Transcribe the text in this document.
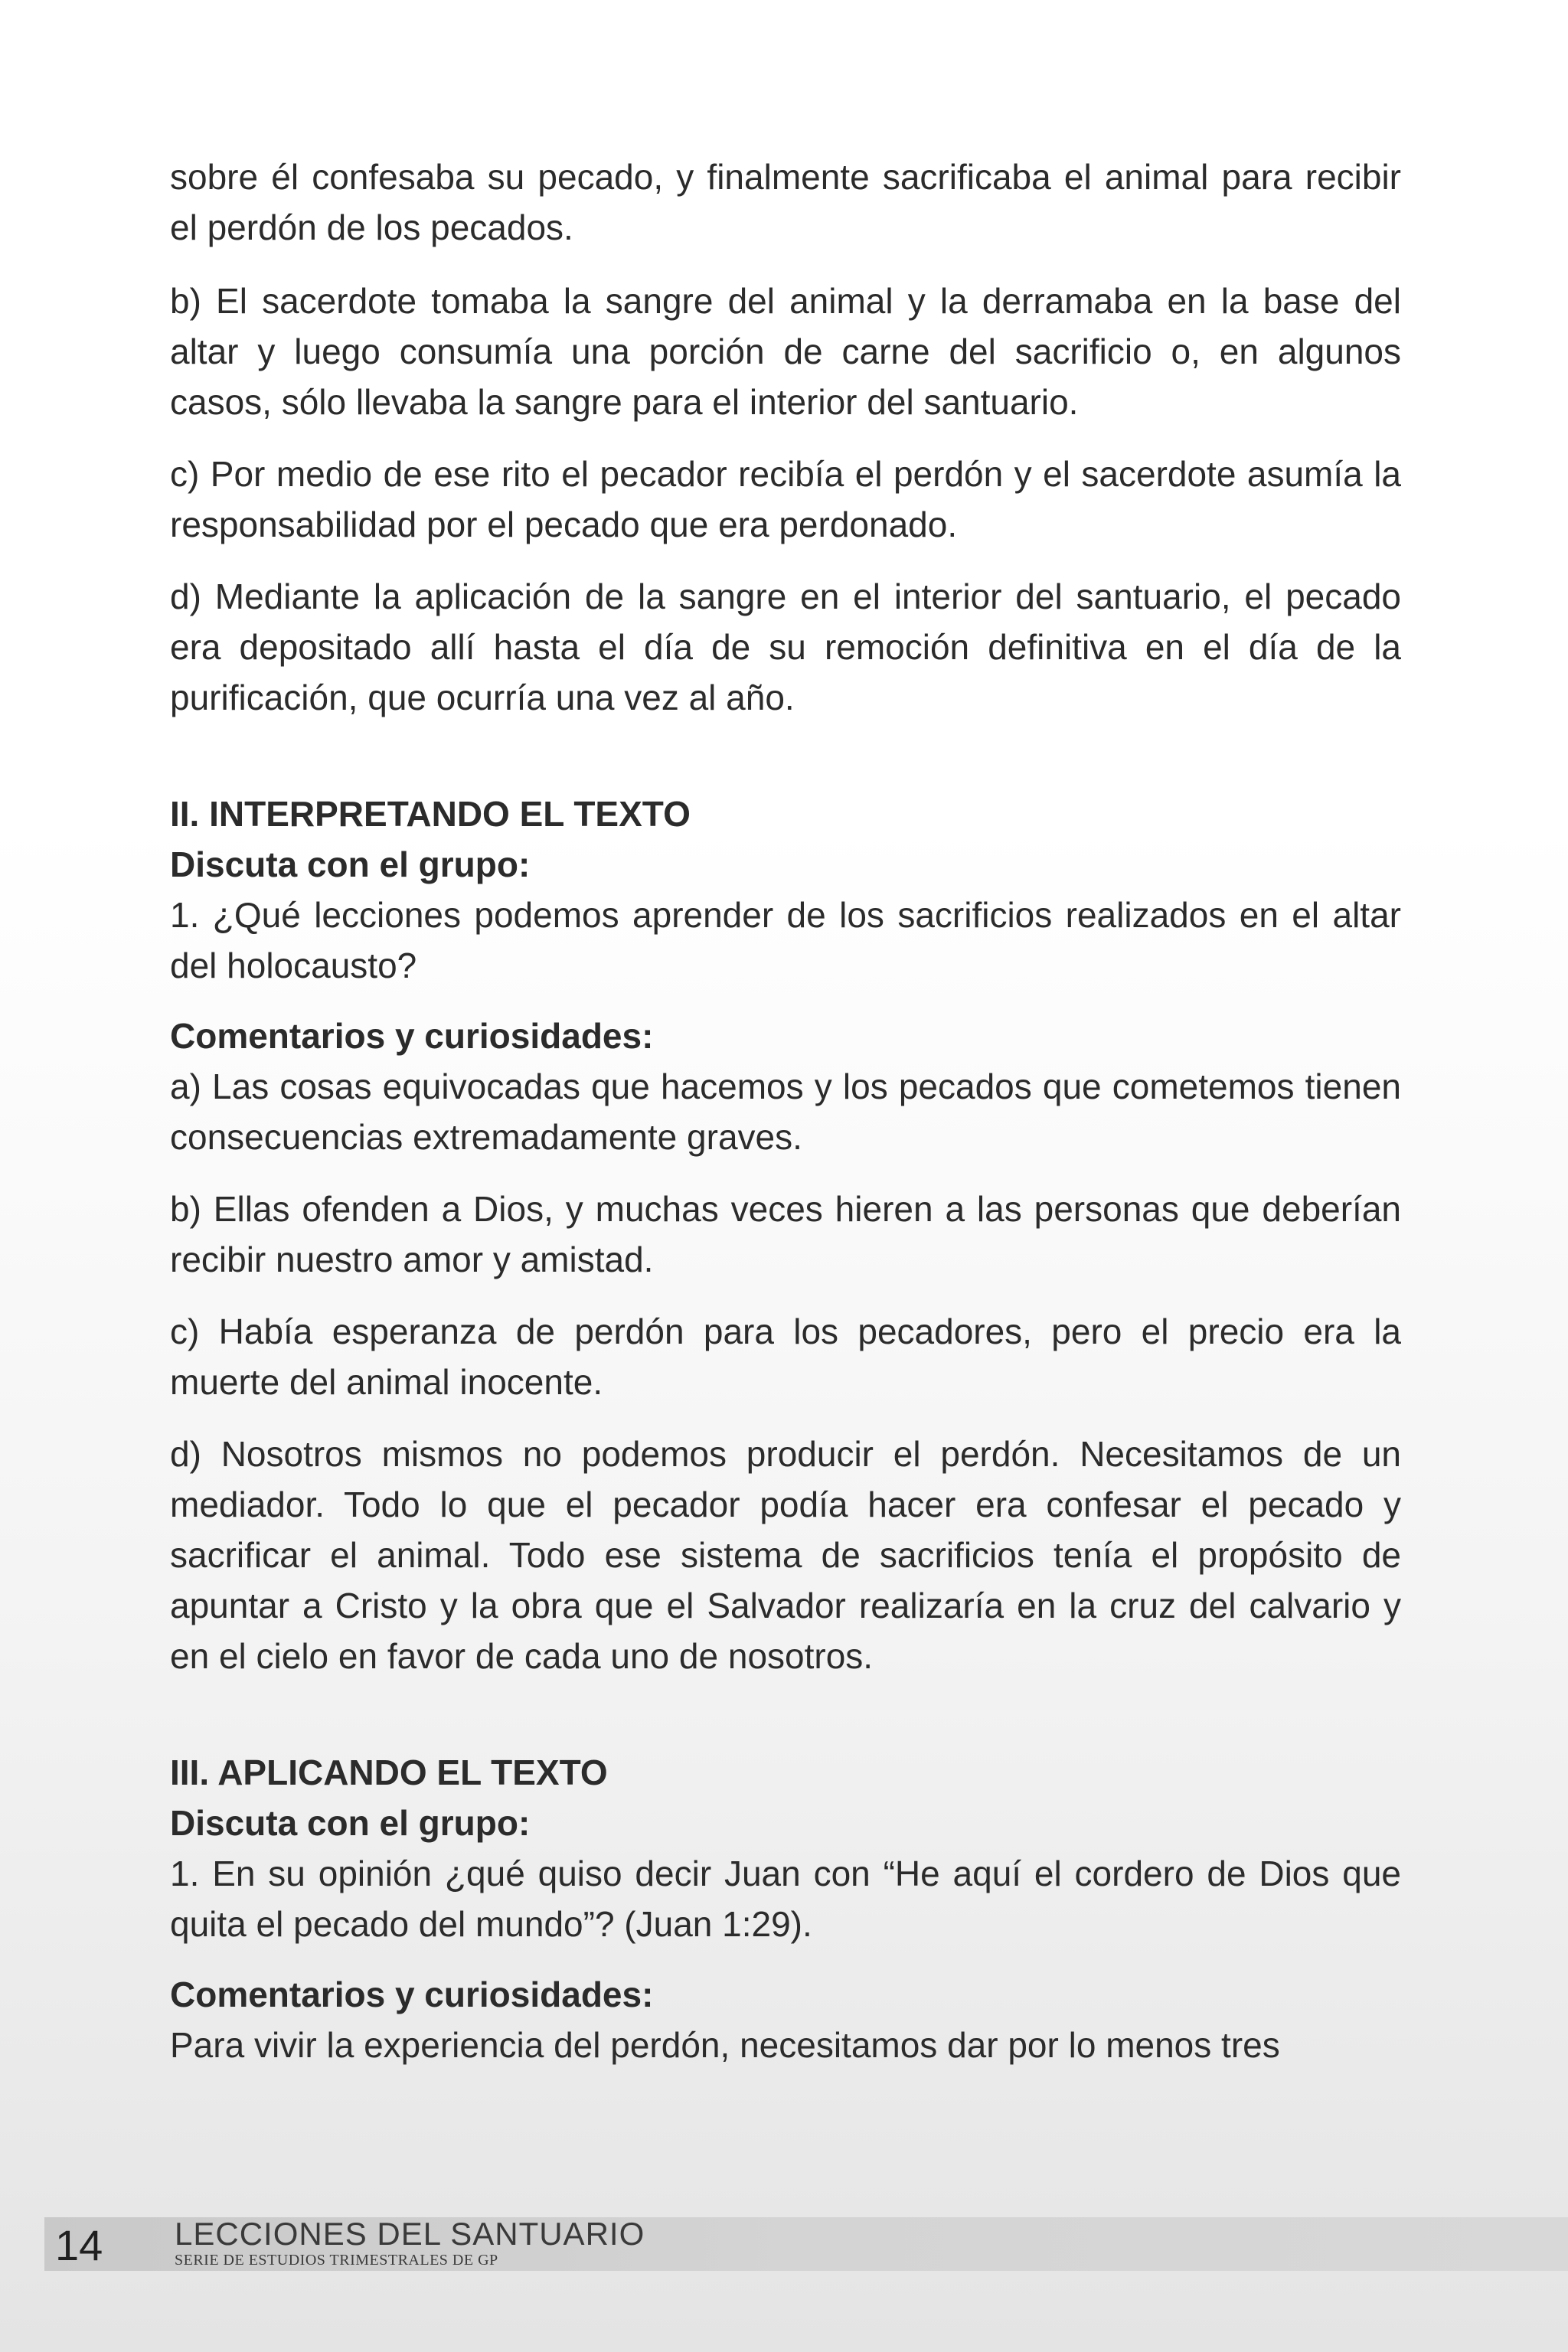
sobre él confesaba su pecado, y finalmente sacrificaba el animal para recibir el perdón de los pecados.

b) El sacerdote tomaba la sangre del animal y la derramaba en la base del altar y luego consumía una porción de carne del sacrificio o, en algunos casos, sólo llevaba la sangre para el interior del santuario.

c) Por medio de ese rito el pecador recibía el perdón y el sacerdote asumía la responsabilidad por el pecado que era perdonado.

d) Mediante la aplicación de la sangre en el interior del santuario, el pecado era depositado allí hasta el día de su remoción definitiva en el día de la purificación, que ocurría una vez al año.

II. INTERPRETANDO EL TEXTO
Discuta con el grupo:

1. ¿Qué lecciones podemos aprender de los sacrificios realizados en el altar del holocausto?

Comentarios y curiosidades:

a) Las cosas equivocadas que hacemos y los pecados que cometemos tienen consecuencias extremadamente graves.

b) Ellas ofenden a Dios, y muchas veces hieren a las personas que deberían recibir nuestro amor y amistad.

c) Había esperanza de perdón para los pecadores, pero el precio era la muerte del animal inocente.

d) Nosotros mismos no podemos producir el perdón. Necesitamos de un mediador. Todo lo que el pecador podía hacer era confesar el pecado y sacrificar el animal. Todo ese sistema de sacrificios tenía el propósito de apuntar a Cristo y la obra que el Salvador realizaría en la cruz del calvario y en el cielo en favor de cada uno de nosotros.

III. APLICANDO EL TEXTO
Discuta con el grupo:

1. En su opinión ¿qué quiso decir Juan con “He aquí el cordero de Dios que quita el pecado del mundo”? (Juan 1:29).

Comentarios y curiosidades:

Para vivir la experiencia del perdón, necesitamos dar por lo menos tres

14 LECCIONES DEL SANTUARIO
SERIE DE ESTUDIOS TRIMESTRALES DE GP
